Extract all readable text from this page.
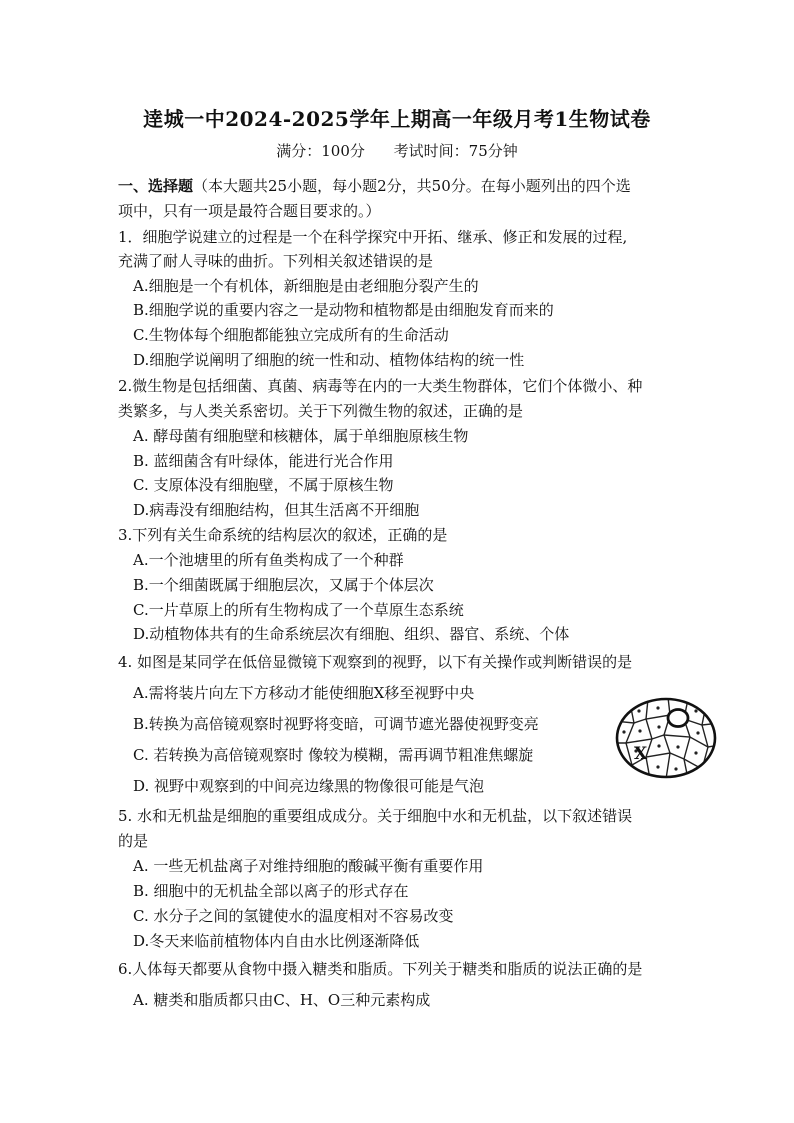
逹城一中2024-2025学年上期高一年级月考1生物试卷
满分：100分 考试时间：75分钟
一、选择题（本大题共25小题，每小题2分，共50分。在每小题列出的四个选
项中，只有一项是最符合题目要求的。）
1．细胞学说建立的过程是一个在科学探究中开拓、继承、修正和发展的过程,
充满了耐人寻味的曲折。下列相关叙述错误的是
A.细胞是一个有机体，新细胞是由老细胞分裂产生的
B.细胞学说的重要内容之一是动物和植物都是由细胞发育而来的
C.生物体每个细胞都能独立完成所有的生命活动
D.细胞学说阐明了细胞的统一性和动、植物体结构的统一性
2.微生物是包括细菌、真菌、病毒等在内的一大类生物群体，它们个体微小、种
类繁多，与人类关系密切。关于下列微生物的叙述，正确的是
A. 酵母菌有细胞壁和核糖体，属于单细胞原核生物
B. 蓝细菌含有叶绿体，能进行光合作用
C. 支原体没有细胞壁，不属于原核生物
D.病毒没有细胞结构，但其生活离不开细胞
3.下列有关生命系统的结构层次的叙述，正确的是
A.一个池塘里的所有鱼类构成了一个种群
B.一个细菌既属于细胞层次，又属于个体层次
C.一片草原上的所有生物构成了一个草原生态系统
D.动植物体共有的生命系统层次有细胞、组织、器官、系统、个体
4. 如图是某同学在低倍显微镜下观察到的视野，以下有关操作或判断错误的是
A.需将装片向左下方移动才能使细胞X移至视野中央
B.转换为高倍镜观察时视野将变暗，可调节遮光器使视野变亮
C. 若转换为高倍镜观察时 像较为模糊，需再调节粗准焦螺旋
D. 视野中观察到的中间亮边缘黑的物像很可能是气泡
X
5. 水和无机盐是细胞的重要组成成分。关于细胞中水和无机盐，以下叙述错误
的是
A. 一些无机盐离子对维持细胞的酸碱平衡有重要作用
B. 细胞中的无机盐全部以离子的形式存在
C. 水分子之间的氢键使水的温度相对不容易改变
D.冬天来临前植物体内自由水比例逐渐降低
6.人体每天都要从食物中摄入糖类和脂质。下列关于糖类和脂质的说法正确的是
A. 糖类和脂质都只由C、H、O三种元素构成
